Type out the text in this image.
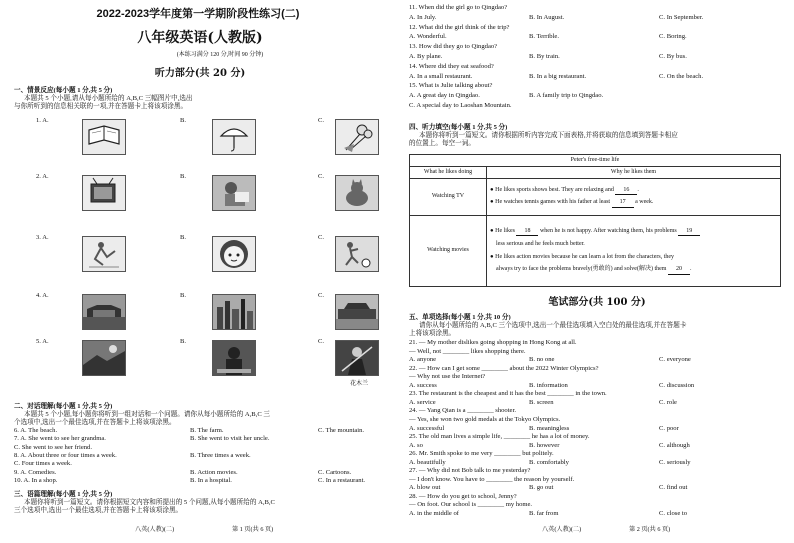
2022-2023学年度第一学期阶段性练习(二)
八年级英语(人教版)
(本练习满分 120 分,时间 90 分钟)
听力部分(共 20 分)
一、情景反应(每小题 1 分,共 5 分)
本题共 5 个小题,请从每小题所给的 A,B,C 三幅图片中,选出
与你所听到的信息相关联的一项,并在答题卡上将该项涂黑。
1. A.	B.	C.
2. A.	B.	C.
3. A.	B.	C.
4. A.	B.	C.
5. A.	B.	C.
花木兰
二、对话理解(每小题 1 分,共 5 分)
本题共 5 个小题,每小题你将听到一组对话和一个问题。请你从每小题所给的 A,B,C 三
个选项中,选出一个最佳选项,并在答题卡上将该项涂黑。
6. A. The beach.	B. The farm.	C. The mountain.
7. A. She went to see her grandma.	B. She went to visit her uncle.
C. She went to see her friend.
8. A. About three or four times a week.	B. Three times a week.
C. Four times a week.
9. A. Comedies.	B. Action movies.	C. Cartoons.
10. A. In a shop.	B. In a hospital.	C. In a restaurant.
三、语篇理解(每小题 1 分,共 5 分)
本题你将听到一篇短文。请你根据短文内容和所提出的 5 个问题,从每小题所给的 A,B,C
三个选项中,选出一个最佳选项,并在答题卡上将该项涂黑。
八英(人教)(二)	第 1 页(共 6 页)
11. When did the girl go to Qingdao?
A. In July.	B. In August.	C. In September.
12. What did the girl think of the trip?
A. Wonderful.	B. Terrible.	C. Boring.
13. How did they go to Qingdao?
A. By plane.	B. By train.	C. By bus.
14. Where did they eat seafood?
A. In a small restaurant.	B. In a big restaurant.	C. On the beach.
15. What is Julie talking about?
A. A great day in Qingdao.	B. A family trip to Qingdao.
C. A special day to Laoshan Mountain.
四、听力填空(每小题 1 分,共 5 分)
本题你将听到一篇短文。请你根据所听内容完成下面表格,并将获取的信息填到答题卡相应
的位置上。每空一词。
Peter's free-time life	
What he likes doing	Why he likes them
Watching TV	● He likes sports shows best. They are relaxing and 16 .
● He watches tennis games with his father at least 17 a week.

Watching movies	● He likes 18 when he is not happy. After watching them, his problems 19
less serious and he feels much better.
● He likes action movies because he can learn a lot from the characters, they
always try to face the problems bravely(勇敢的) and solve(解决) them 20 .
笔试部分(共 100 分)
五、单项选择(每小题 1 分,共 10 分)
请你从每小题所给的 A,B,C 三个选项中,选出一个最佳选项填入空白处的最佳选项,并在答题卡
上将该项涂黑。
21. — My mother dislikes going shopping in Hong Kong at all.
— Well, not ________ likes shopping there.
A. anyone	B. no one	C. everyone
22. — How can I get some ________ about the 2022 Winter Olympics?
— Why not use the Internet?
A. success	B. information	C. discussion
23. The restaurant is the cheapest and it has the best ________ in the town.
A. service	B. screen	C. role
24. — Yang Qian is a ________ shooter.
— Yes, she won two gold medals at the Tokyo Olympics.
A. successful	B. meaningless	C. poor
25. The old man lives a simple life, ________ he has a lot of money.
A. so	B. however	C. although
26. Mr. Smith spoke to me very ________ but politely.
A. beautifully	B. comfortably	C. seriously
27. — Why did not Bob talk to me yesterday?
— I don't know. You have to ________ the reason by yourself.
A. blow out	B. go out	C. find out
28. — How do you get to school, Jenny?
— On foot. Our school is ________ my home.
A. in the middle of	B. far from	C. close to
八英(人教)(二)	第 2 页(共 6 页)
